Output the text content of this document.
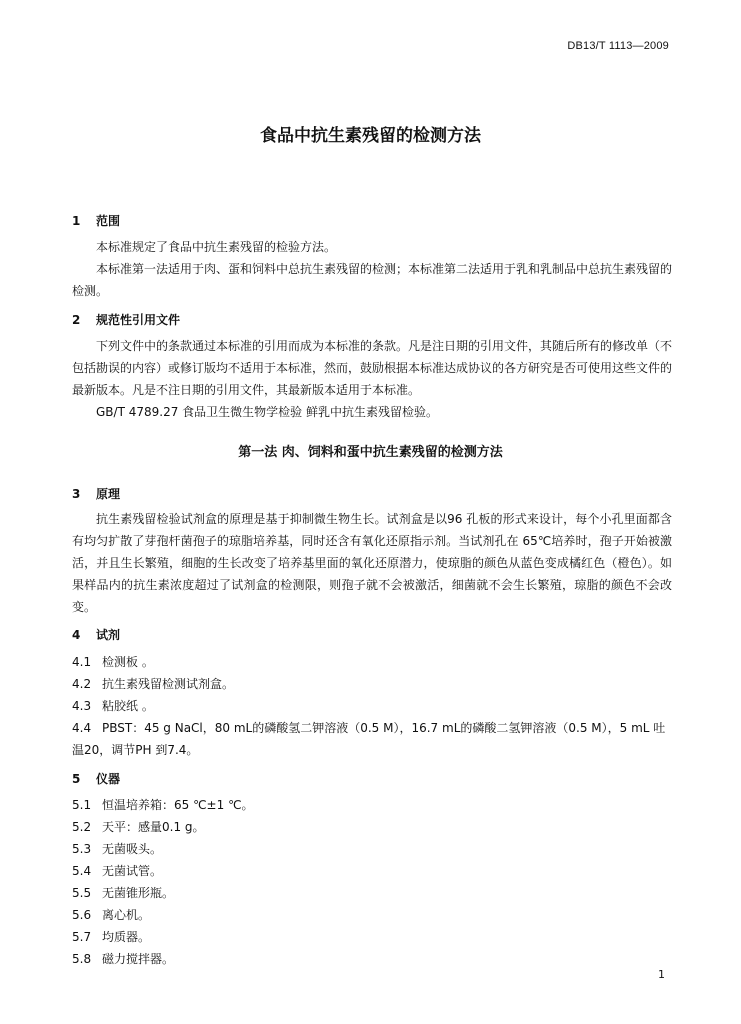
DB13/T 1113—2009
食品中抗生素残留的检测方法
1 范围
本标准规定了食品中抗生素残留的检验方法。
本标准第一法适用于肉、蛋和饲料中总抗生素残留的检测；本标准第二法适用于乳和乳制品中总抗生素残留的检测。
2 规范性引用文件
下列文件中的条款通过本标准的引用而成为本标准的条款。凡是注日期的引用文件，其随后所有的修改单（不包括勘误的内容）或修订版均不适用于本标准，然而，鼓励根据本标准达成协议的各方研究是否可使用这些文件的最新版本。凡是不注日期的引用文件，其最新版本适用于本标准。
GB/T 4789.27 食品卫生微生物学检验 鲜乳中抗生素残留检验。
第一法 肉、饲料和蛋中抗生素残留的检测方法
3 原理
抗生素残留检验试剂盒的原理是基于抑制微生物生长。试剂盒是以96 孔板的形式来设计，每个小孔里面都含有均匀扩散了芽孢杆菌孢子的琼脂培养基，同时还含有氧化还原指示剂。当试剂孔在 65℃培养时，孢子开始被激活，并且生长繁殖，细胞的生长改变了培养基里面的氧化还原潜力，使琼脂的颜色从蓝色变成橘红色（橙色）。如果样品内的抗生素浓度超过了试剂盒的检测限，则孢子就不会被激活，细菌就不会生长繁殖，琼脂的颜色不会改变。
4 试剂
4.1 检测板 。
4.2 抗生素残留检测试剂盒。
4.3 粘胶纸 。
4.4 PBST：45 g NaCl，80 mL的磷酸氢二钾溶液（0.5 M），16.7 mL的磷酸二氢钾溶液（0.5 M），5 mL 吐温20，调节PH 到7.4。
5 仪器
5.1 恒温培养箱：65 ℃±1 ℃。
5.2 天平：感量0.1 g。
5.3 无菌吸头。
5.4 无菌试管。
5.5 无菌锥形瓶。
5.6 离心机。
5.7 均质器。
5.8 磁力搅拌器。
1
